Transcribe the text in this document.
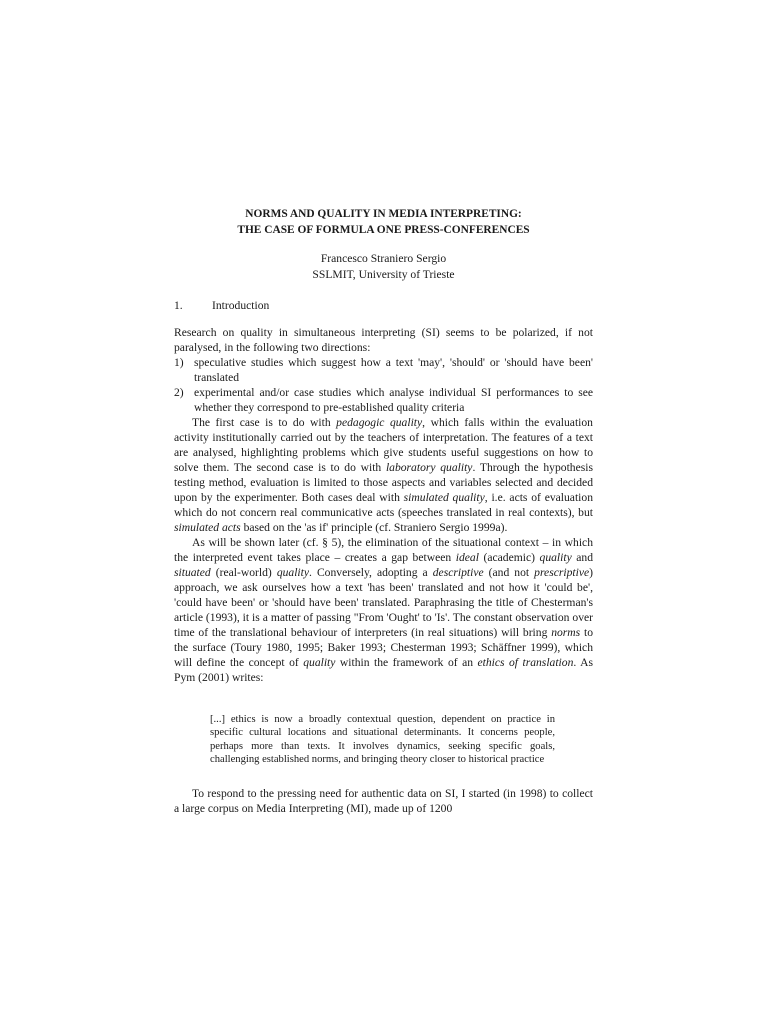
NORMS AND QUALITY IN MEDIA INTERPRETING:
THE CASE OF FORMULA ONE PRESS-CONFERENCES
Francesco Straniero Sergio
SSLMIT, University of Trieste
1.	Introduction

Research on quality in simultaneous interpreting (SI) seems to be polarized, if not paralysed, in the following two directions:

1) speculative studies which suggest how a text 'may', 'should' or 'should have been' translated
2) experimental and/or case studies which analyse individual SI performances to see whether they correspond to pre-established quality criteria

The first case is to do with pedagogic quality, which falls within the evaluation activity institutionally carried out by the teachers of interpretation. The features of a text are analysed, highlighting problems which give students useful suggestions on how to solve them. The second case is to do with laboratory quality. Through the hypothesis testing method, evaluation is limited to those aspects and variables selected and decided upon by the experimenter. Both cases deal with simulated quality, i.e. acts of evaluation which do not concern real communicative acts (speeches translated in real contexts), but simulated acts based on the 'as if' principle (cf. Straniero Sergio 1999a).

As will be shown later (cf. § 5), the elimination of the situational context – in which the interpreted event takes place – creates a gap between ideal (academic) quality and situated (real-world) quality. Conversely, adopting a descriptive (and not prescriptive) approach, we ask ourselves how a text 'has been' translated and not how it 'could be', 'could have been' or 'should have been' translated. Paraphrasing the title of Chesterman's article (1993), it is a matter of passing "From 'Ought' to 'Is'. The constant observation over time of the translational behaviour of interpreters (in real situations) will bring norms to the surface (Toury 1980, 1995; Baker 1993; Chesterman 1993; Schäffner 1999), which will define the concept of quality within the framework of an ethics of translation. As Pym (2001) writes:

[...] ethics is now a broadly contextual question, dependent on practice in specific cultural locations and situational determinants. It concerns people, perhaps more than texts. It involves dynamics, seeking specific goals, challenging established norms, and bringing theory closer to historical practice

To respond to the pressing need for authentic data on SI, I started (in 1998) to collect a large corpus on Media Interpreting (MI), made up of 1200
